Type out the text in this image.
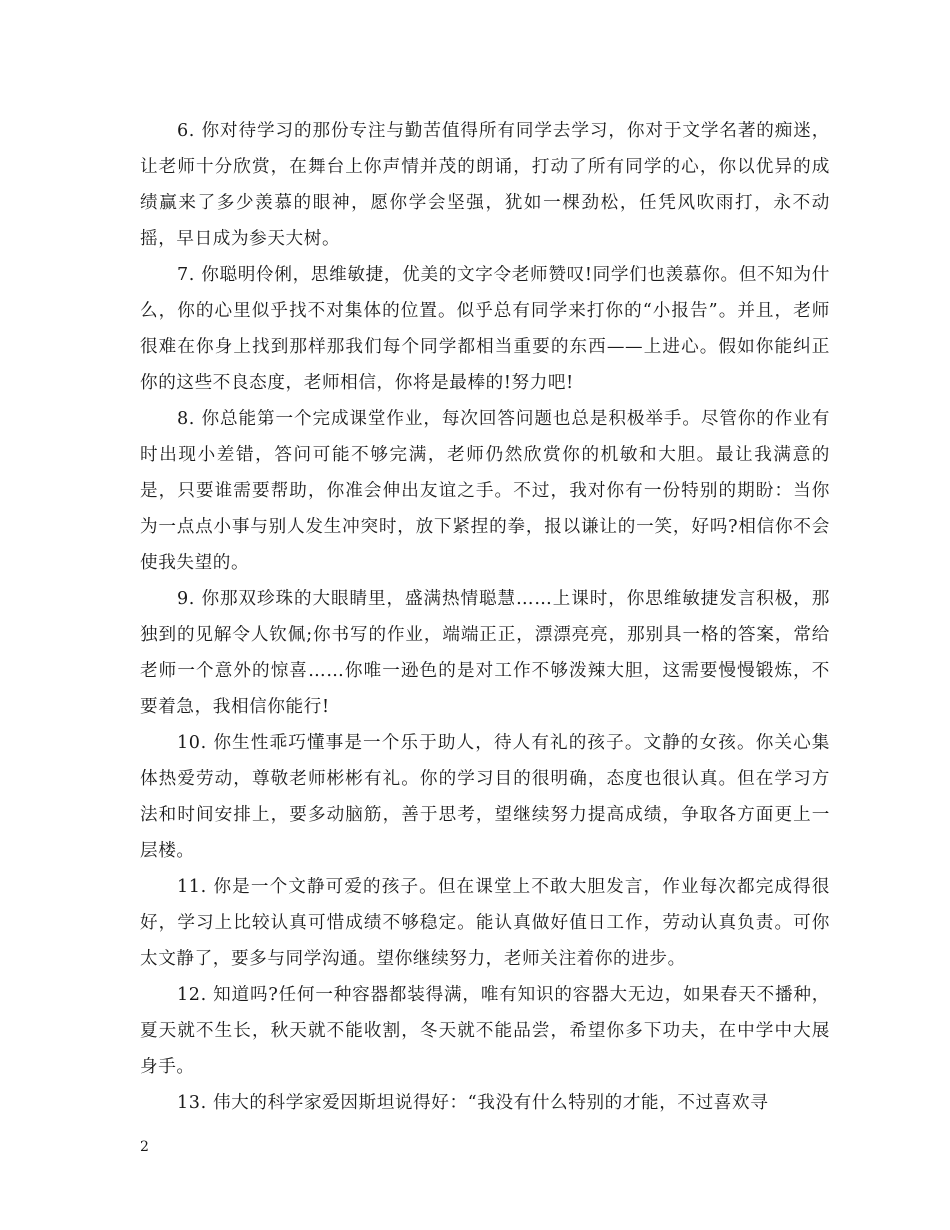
6. 你对待学习的那份专注与勤苦值得所有同学去学习，你对于文学名著的痴迷，让老师十分欣赏，在舞台上你声情并茂的朗诵，打动了所有同学的心，你以优异的成绩赢来了多少羡慕的眼神，愿你学会坚强，犹如一棵劲松，任凭风吹雨打，永不动摇，早日成为参天大树。

7. 你聪明伶俐，思维敏捷，优美的文字令老师赞叹!同学们也羡慕你。但不知为什么，你的心里似乎找不对集体的位置。似乎总有同学来打你的“小报告”。并且，老师很难在你身上找到那样那我们每个同学都相当重要的东西——上进心。假如你能纠正你的这些不良态度，老师相信，你将是最棒的!努力吧!

8. 你总能第一个完成课堂作业，每次回答问题也总是积极举手。尽管你的作业有时出现小差错，答问可能不够完满，老师仍然欣赏你的机敏和大胆。最让我满意的是，只要谁需要帮助，你准会伸出友谊之手。不过，我对你有一份特别的期盼：当你为一点点小事与别人发生冲突时，放下紧捏的拳，报以谦让的一笑，好吗?相信你不会使我失望的。

9. 你那双珍珠的大眼睛里，盛满热情聪慧……上课时，你思维敏捷发言积极，那独到的见解令人钦佩;你书写的作业，端端正正，漂漂亮亮，那别具一格的答案，常给老师一个意外的惊喜……你唯一逊色的是对工作不够泼辣大胆，这需要慢慢锻炼，不要着急，我相信你能行!

10. 你生性乖巧懂事是一个乐于助人，待人有礼的孩子。文静的女孩。你关心集体热爱劳动，尊敬老师彬彬有礼。你的学习目的很明确，态度也很认真。但在学习方法和时间安排上，要多动脑筋，善于思考，望继续努力提高成绩，争取各方面更上一层楼。

11. 你是一个文静可爱的孩子。但在课堂上不敢大胆发言，作业每次都完成得很好，学习上比较认真可惜成绩不够稳定。能认真做好值日工作，劳动认真负责。可你太文静了，要多与同学沟通。望你继续努力，老师关注着你的进步。

12. 知道吗?任何一种容器都装得满，唯有知识的容器大无边，如果春天不播种，夏天就不生长，秋天就不能收割，冬天就不能品尝，希望你多下功夫，在中学中大展身手。

13. 伟大的科学家爱因斯坦说得好：“我没有什么特别的才能，不过喜欢寻

2
